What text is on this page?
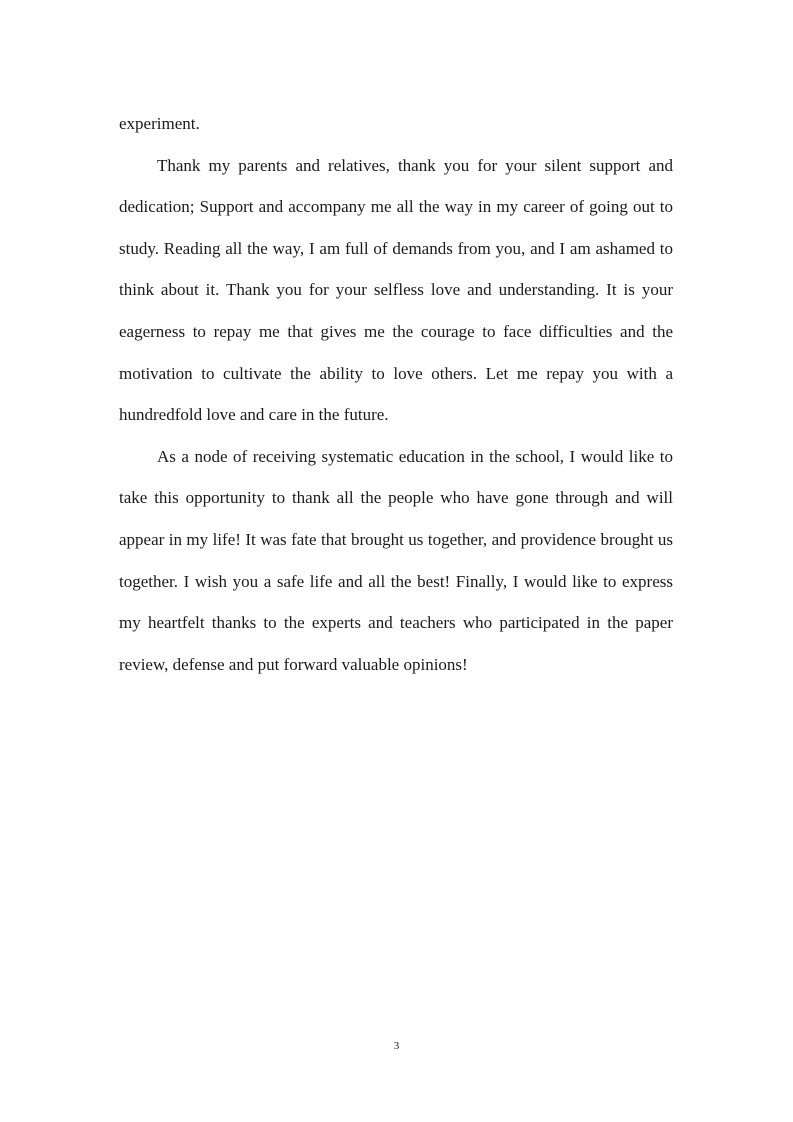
experiment.

Thank my parents and relatives, thank you for your silent support and dedication; Support and accompany me all the way in my career of going out to study. Reading all the way, I am full of demands from you, and I am ashamed to think about it. Thank you for your selfless love and understanding. It is your eagerness to repay me that gives me the courage to face difficulties and the motivation to cultivate the ability to love others. Let me repay you with a hundredfold love and care in the future.

As a node of receiving systematic education in the school, I would like to take this opportunity to thank all the people who have gone through and will appear in my life! It was fate that brought us together, and providence brought us together. I wish you a safe life and all the best! Finally, I would like to express my heartfelt thanks to the experts and teachers who participated in the paper review, defense and put forward valuable opinions!

3
